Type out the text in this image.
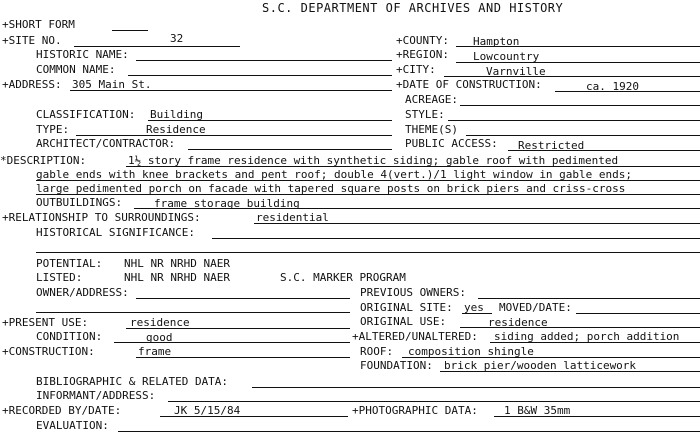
S.C. DEPARTMENT OF ARCHIVES AND HISTORY
+SHORT FORM
+SITE NO.	32	+COUNTY: Hampton
HISTORIC NAME:	+REGION: Lowcountry
COMMON NAME:	+CITY:	Varnville
+ADDRESS: 305 Main St.	+DATE OF CONSTRUCTION:	ca. 1920
ACREAGE:
CLASSIFICATION: Building	STYLE:
TYPE:	Residence	THEME(S)
ARCHITECT/CONTRACTOR:	PUBLIC ACCESS: Restricted
*DESCRIPTION:	1½ story frame residence with synthetic siding; gable roof with pedimented
gable ends with knee brackets and pent roof; double 4(vert.)/1 light window in gable ends;
large pedimented porch on facade with tapered square posts on brick piers and criss-cross
OUTBUILDINGS:	frame storage building
+RELATIONSHIP TO SURROUNDINGS:	residential
HISTORICAL SIGNIFICANCE:
POTENTIAL: NHL NR NRHD NAER
LISTED:	NHL NR NRHD NAER	S.C. MARKER PROGRAM
OWNER/ADDRESS:	PREVIOUS OWNERS:
ORIGINAL SITE: yes MOVED/DATE:
+PRESENT USE:	residence	ORIGINAL USE:	residence
CONDITION:	good	+ALTERED/UNALTERED: siding added; porch addition
+CONSTRUCTION:	frame	ROOF: composition shingle
FOUNDATION: brick pier/wooden latticework
BIBLIOGRAPHIC & RELATED DATA:
INFORMANT/ADDRESS:
+RECORDED BY/DATE:	JK 5/15/84	+PHOTOGRAPHIC DATA: 1 B&W 35mm
EVALUATION:
